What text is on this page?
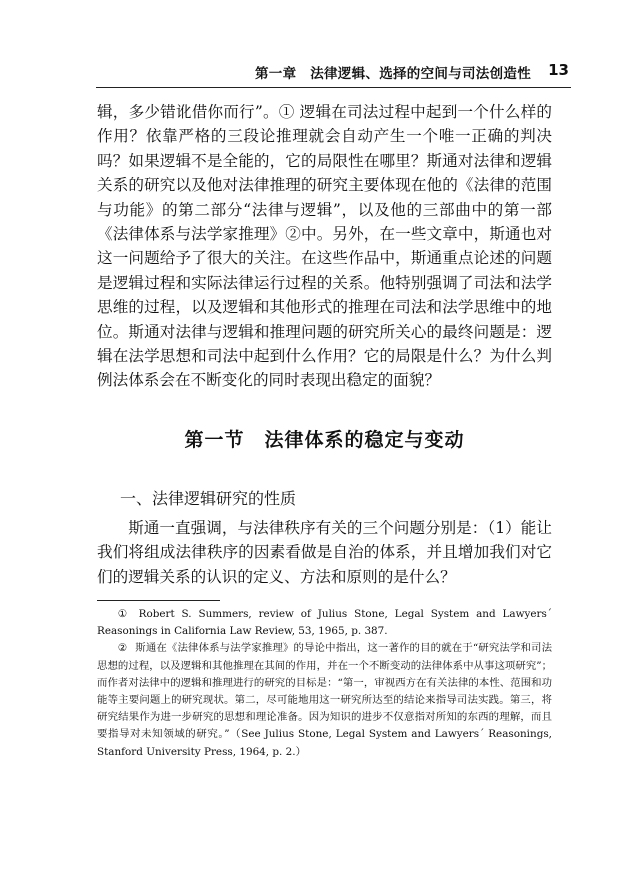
第一章　法律逻辑、选择的空间与司法创造性 13

辑，多少错讹借你而行”。① 逻辑在司法过程中起到一个什么样的作用？依靠严格的三段论推理就会自动产生一个唯一正确的判决吗？如果逻辑不是全能的，它的局限性在哪里？斯通对法律和逻辑关系的研究以及他对法律推理的研究主要体现在他的《法律的范围与功能》的第二部分“法律与逻辑”，以及他的三部曲中的第一部《法律体系与法学家推理》②中。另外，在一些文章中，斯通也对这一问题给予了很大的关注。在这些作品中，斯通重点论述的问题是逻辑过程和实际法律运行过程的关系。他特别强调了司法和法学思维的过程，以及逻辑和其他形式的推理在司法和法学思维中的地位。斯通对法律与逻辑和推理问题的研究所关心的最终问题是：逻辑在法学思想和司法中起到什么作用？它的局限是什么？为什么判例法体系会在不断变化的同时表现出稳定的面貌？

第一节　法律体系的稳定与变动
一、法律逻辑研究的性质

斯通一直强调，与法律秩序有关的三个问题分别是：（1）能让我们将组成法律秩序的因素看做是自治的体系，并且增加我们对它们的逻辑关系的认识的定义、方法和原则的是什么？

① Robert S. Summers, review of Julius Stone, Legal System and Lawyers´ Reasonings in California Law Review, 53, 1965, p. 387.

② 斯通在《法律体系与法学家推理》的导论中指出，这一著作的目的就在于“研究法学和司法思想的过程，以及逻辑和其他推理在其间的作用，并在一个不断变动的法律体系中从事这项研究”；而作者对法律中的逻辑和推理进行的研究的目标是：“第一，审视西方在有关法律的本性、范围和功能等主要问题上的研究现状。第二，尽可能地用这一研究所达至的结论来指导司法实践。第三，将研究结果作为进一步研究的思想和理论准备。因为知识的进步不仅意指对所知的东西的理解，而且要指导对未知领域的研究。”（See Julius Stone, Legal System and Lawyers´ Reasonings, Stanford University Press, 1964, p. 2.）
